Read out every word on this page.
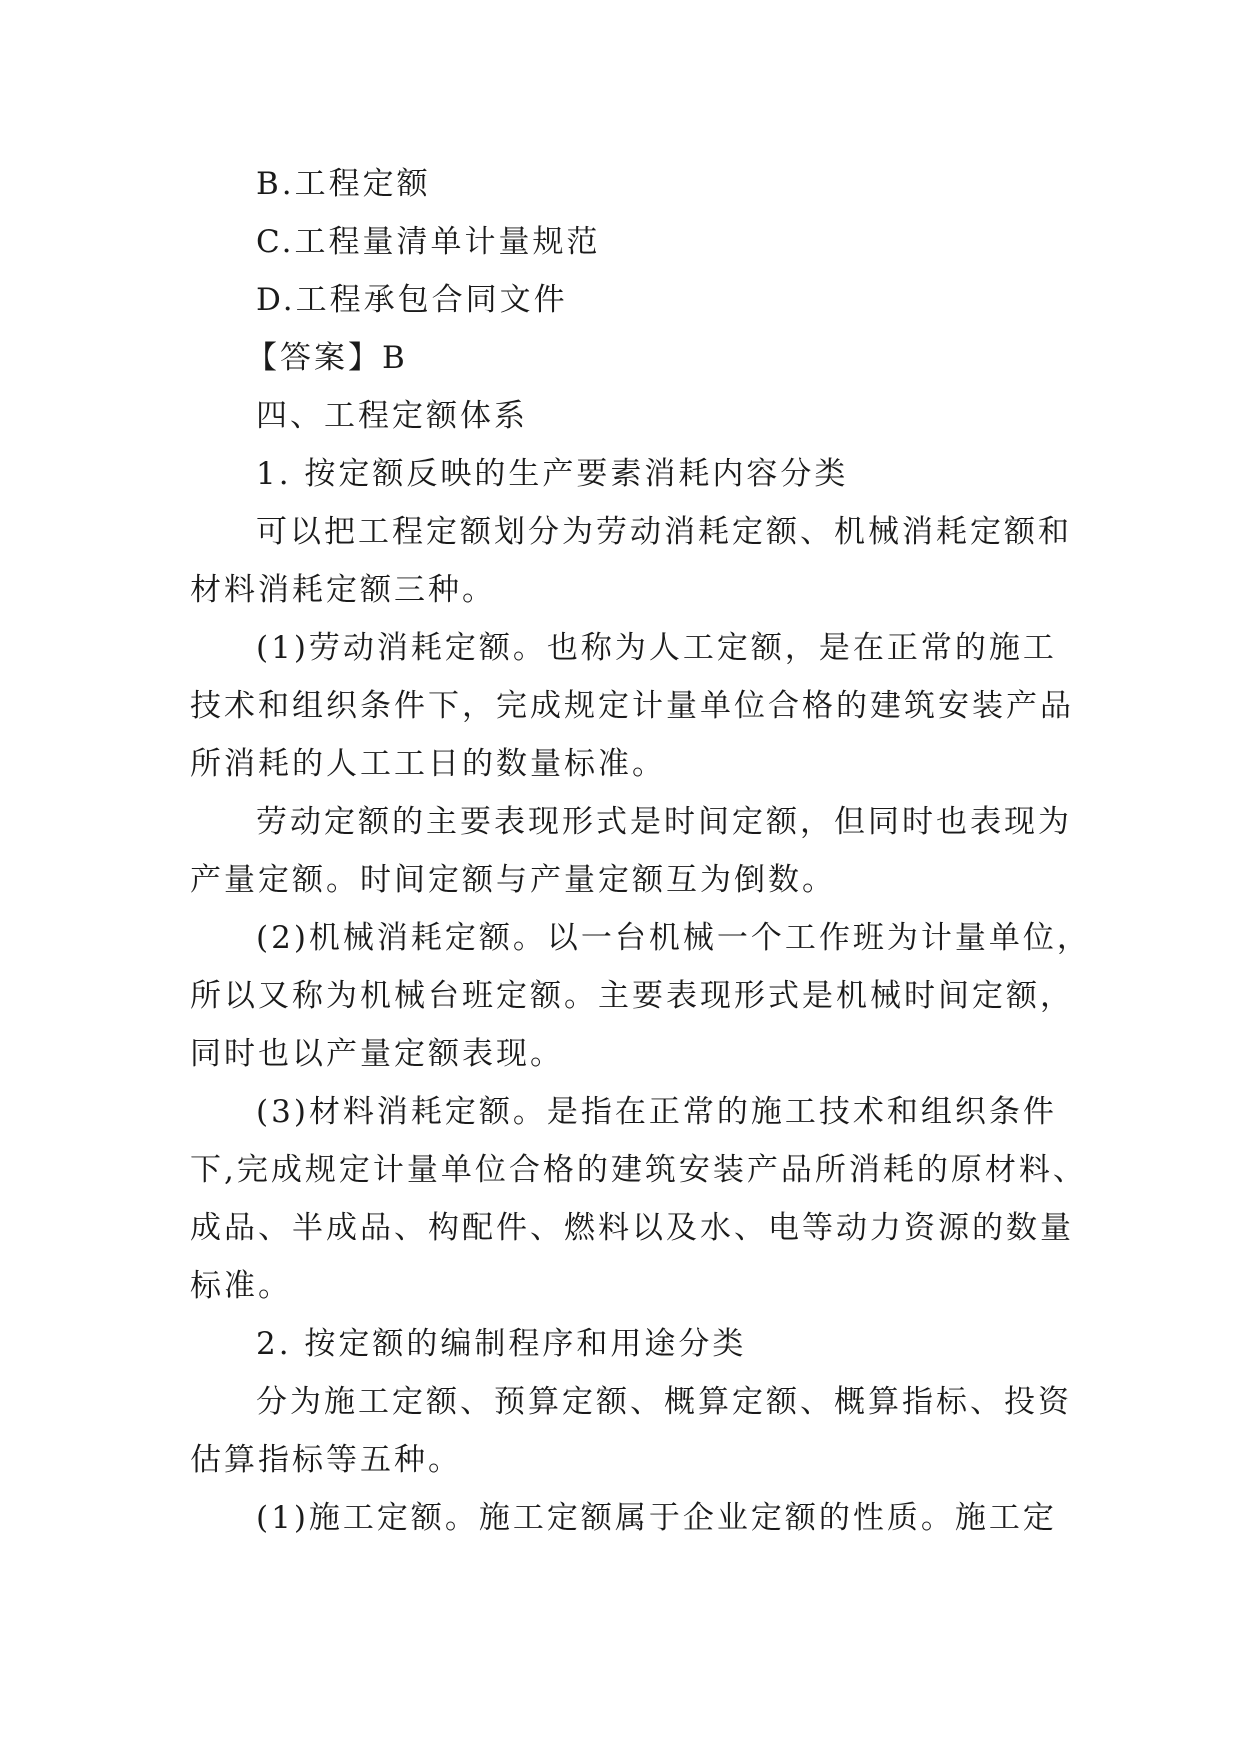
B.工程定额
C.工程量清单计量规范
D.工程承包合同文件
【答案】B
四、工程定额体系
1. 按定额反映的生产要素消耗内容分类
可以把工程定额划分为劳动消耗定额、机械消耗定额和
材料消耗定额三种。
(1)劳动消耗定额。也称为人工定额，是在正常的施工
技术和组织条件下，完成规定计量单位合格的建筑安装产品
所消耗的人工工日的数量标准。
劳动定额的主要表现形式是时间定额，但同时也表现为
产量定额。时间定额与产量定额互为倒数。
(2)机械消耗定额。以一台机械一个工作班为计量单位，
所以又称为机械台班定额。主要表现形式是机械时间定额，
同时也以产量定额表现。
(3)材料消耗定额。是指在正常的施工技术和组织条件
下,完成规定计量单位合格的建筑安装产品所消耗的原材料、
成品、半成品、构配件、燃料以及水、电等动力资源的数量
标准。
2. 按定额的编制程序和用途分类
分为施工定额、预算定额、概算定额、概算指标、投资
估算指标等五种。
(1)施工定额。施工定额属于企业定额的性质。施工定
